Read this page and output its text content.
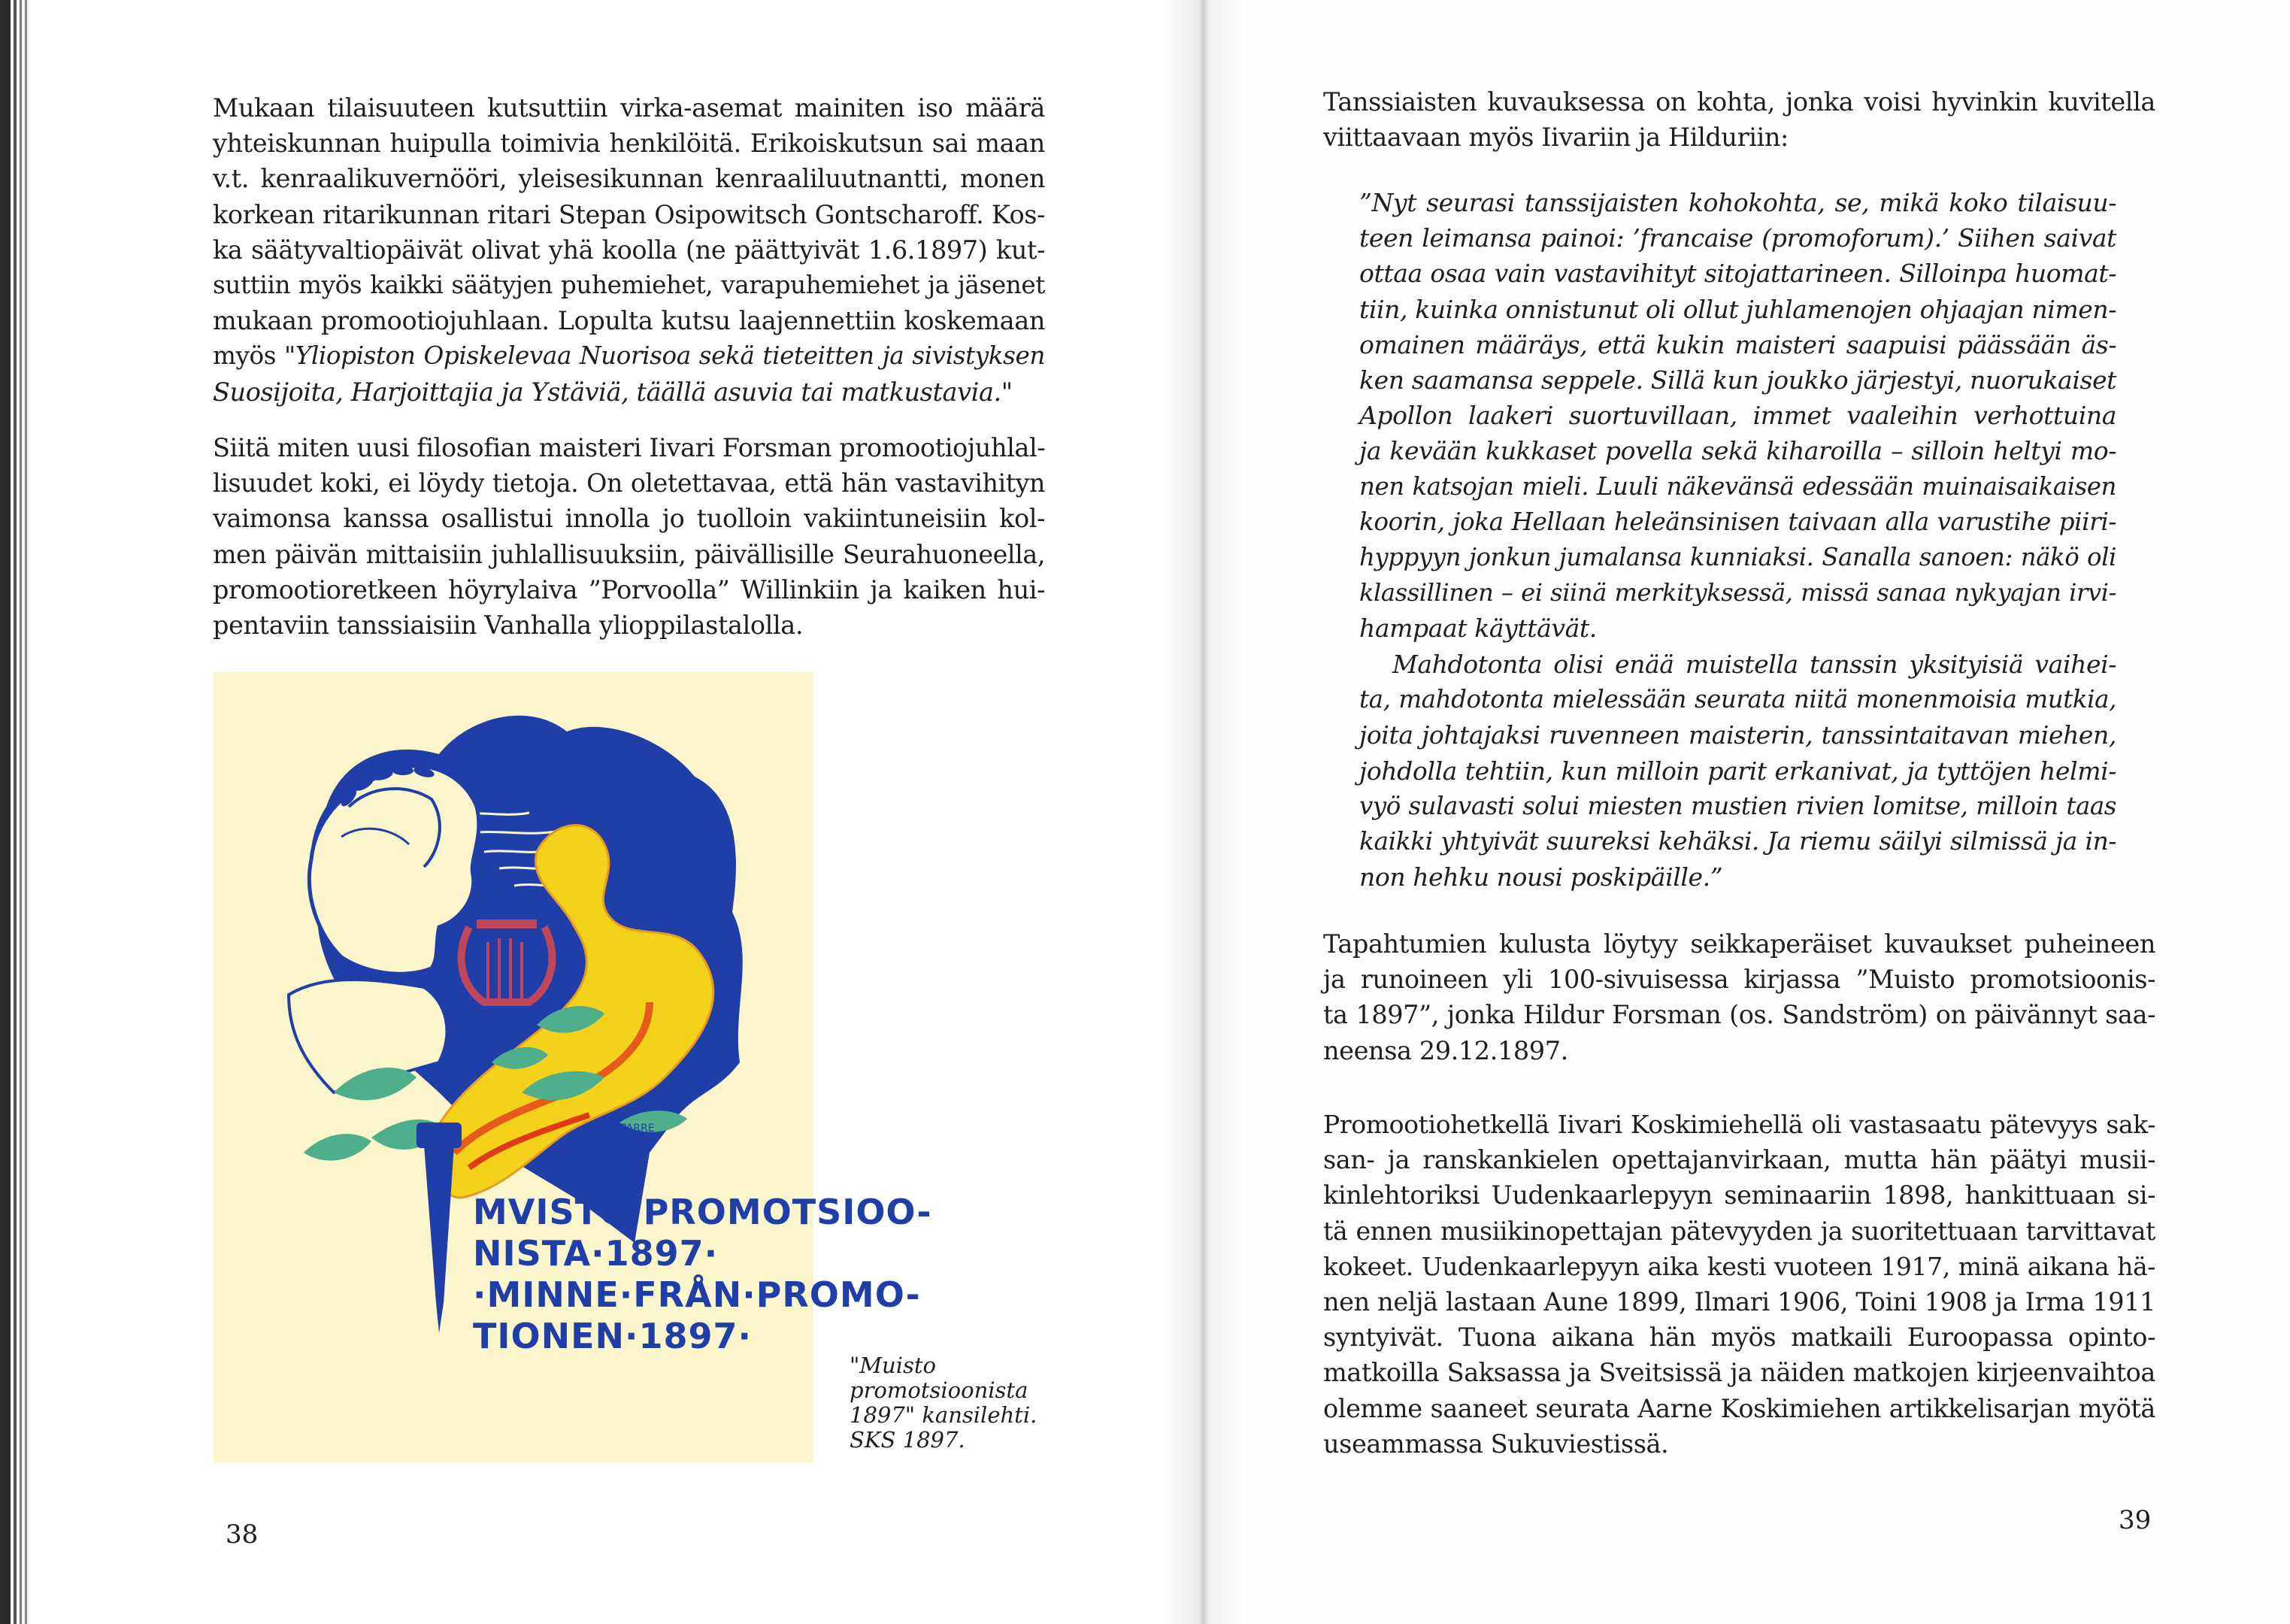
Mukaan tilaisuuteen kutsuttiin virka-asemat mainiten iso määrä
yhteiskunnan huipulla toimivia henkilöitä. Erikoiskutsun sai maan
v.t. kenraalikuvernööri, yleisesikunnan kenraaliluutnantti, monen
korkean ritarikunnan ritari Stepan Osipowitsch Gontscharoff. Kos-
ka säätyvaltiopäivät olivat yhä koolla (ne päättyivät 1.6.1897) kut-
suttiin myös kaikki säätyjen puhemiehet, varapuhemiehet ja jäsenet
mukaan promootiojuhlaan. Lopulta kutsu laajennettiin koskemaan
myös "Yliopiston Opiskelevaa Nuorisoa sekä tieteitten ja sivistyksen
Suosijoita, Harjoittajia ja Ystäviä, täällä asuvia tai matkustavia."
Siitä miten uusi filosofian maisteri Iivari Forsman promootiojuhlal-
lisuudet koki, ei löydy tietoja. On oletettavaa, että hän vastavihityn
vaimonsa kanssa osallistui innolla jo tuolloin vakiintuneisiin kol-
men päivän mittaisiin juhlallisuuksiin, päivällisille Seurahuoneella,
promootioretkeen höyrylaiva ”Porvoolla” Willinkiin ja kaiken hui-
pentaviin tanssiaisiin Vanhalla ylioppilastalolla.
L.SPARRE
MVISTO·PROMOTSIOO-
NISTA·1897·
·MINNE·FRÅN·PROMO-
TIONEN·1897·
"Muisto
promotsioonista
1897" kansilehti.
SKS 1897.
38
Tanssiaisten kuvauksessa on kohta, jonka voisi hyvinkin kuvitella
viittaavaan myös Iivariin ja Hilduriin:
”Nyt seurasi tanssijaisten kohokohta, se, mikä koko tilaisuu-
teen leimansa painoi: ’francaise (promoforum).’ Siihen saivat
ottaa osaa vain vastavihityt sitojattarineen. Silloinpa huomat-
tiin, kuinka onnistunut oli ollut juhlamenojen ohjaajan nimen-
omainen määräys, että kukin maisteri saapuisi päässään äs-
ken saamansa seppele. Sillä kun joukko järjestyi, nuorukaiset
Apollon laakeri suortuvillaan, immet vaaleihin verhottuina
ja kevään kukkaset povella sekä kiharoilla – silloin heltyi mo-
nen katsojan mieli. Luuli näkevänsä edessään muinaisaikaisen
koorin, joka Hellaan heleänsinisen taivaan alla varustihe piiri-
hyppyyn jonkun jumalansa kunniaksi. Sanalla sanoen: näkö oli
klassillinen – ei siinä merkityksessä, missä sanaa nykyajan irvi-
hampaat käyttävät.
Mahdotonta olisi enää muistella tanssin yksityisiä vaihei-
ta, mahdotonta mielessään seurata niitä monenmoisia mutkia,
joita johtajaksi ruvenneen maisterin, tanssintaitavan miehen,
johdolla tehtiin, kun milloin parit erkanivat, ja tyttöjen helmi-
vyö sulavasti solui miesten mustien rivien lomitse, milloin taas
kaikki yhtyivät suureksi kehäksi. Ja riemu säilyi silmissä ja in-
non hehku nousi poskipäille.”
Tapahtumien kulusta löytyy seikkaperäiset kuvaukset puheineen
ja runoineen yli 100-sivuisessa kirjassa ”Muisto promotsioonis-
ta 1897”, jonka Hildur Forsman (os. Sandström) on päivännyt saa-
neensa 29.12.1897.
Promootiohetkellä Iivari Koskimiehellä oli vastasaatu pätevyys sak-
san- ja ranskankielen opettajanvirkaan, mutta hän päätyi musii-
kinlehtoriksi Uudenkaarlepyyn seminaariin 1898, hankittuaan si-
tä ennen musiikinopettajan pätevyyden ja suoritettuaan tarvittavat
kokeet. Uudenkaarlepyyn aika kesti vuoteen 1917, minä aikana hä-
nen neljä lastaan Aune 1899, Ilmari 1906, Toini 1908 ja Irma 1911
syntyivät. Tuona aikana hän myös matkaili Euroopassa opinto-
matkoilla Saksassa ja Sveitsissä ja näiden matkojen kirjeenvaihtoa
olemme saaneet seurata Aarne Koskimiehen artikkelisarjan myötä
useammassa Sukuviestissä.
39
